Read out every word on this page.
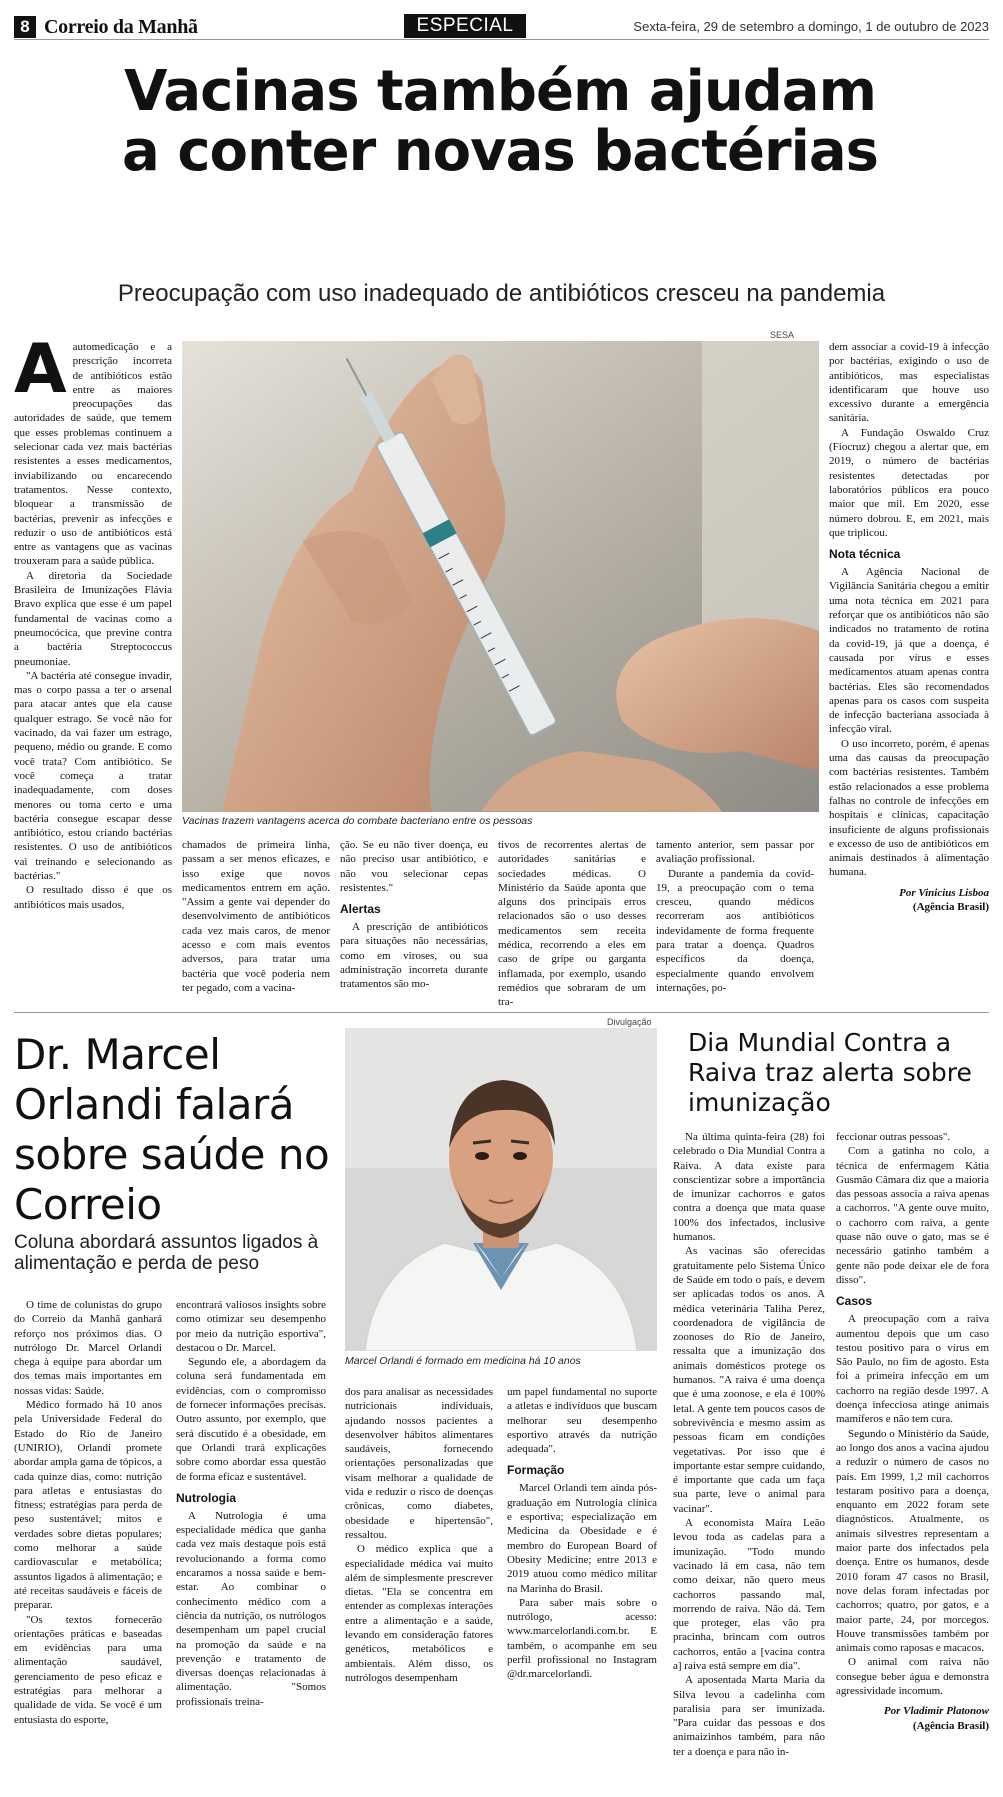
8 Correio da Manhã	ESPECIAL	Sexta-feira, 29 de setembro a domingo, 1 de outubro de 2023
Vacinas também ajudam a conter novas bactérias
Preocupação com uso inadequado de antibióticos cresceu na pandemia
A automedicação e a prescrição incorreta de antibióticos estão entre as maiores preocupações das autoridades de saúde, que temem que esses problemas continuem a selecionar cada vez mais bactérias resistentes a esses medicamentos, inviabilizando ou encarecendo tratamentos. Nesse contexto, bloquear a transmissão de bactérias, prevenir as infecções e reduzir o uso de antibióticos está entre as vantagens que as vacinas trouxeram para a saúde pública.

A diretoria da Sociedade Brasileira de Imunizações Flávia Bravo explica que esse é um papel fundamental de vacinas como a pneumocócica, que previne contra a bactéria Streptococcus pneumoniae.

"A bactéria até consegue invadir, mas o corpo passa a ter o arsenal para atacar antes que ela cause qualquer estrago. Se você não for vacinado, da vai fazer um estrago, pequeno, médio ou grande. E como você trata? Com antibiótico. Se você começa a tratar inadequadamente, com doses menores ou toma certo e uma bactéria consegue escapar desse antibiótico, estou criando bactérias resistentes. O uso de antibióticos vai treinando e selecionando as bactérias."

O resultado disso é que os antibióticos mais usados,

SESA
Vacinas trazem vantagens acerca do combate bacteriano entre os pessoas

chamados de primeira linha, passam a ser menos eficazes, e isso exige que novos medicamentos entrem em ação. "Assim a gente vai depender do desenvolvimento de antibióticos cada vez mais caros, de menor acesso e com mais eventos adversos, para tratar uma bactéria que você poderia nem ter pegado, com a vacina-

ção. Se eu não tiver doença, eu não preciso usar antibiótico, e não vou selecionar cepas resistentes."

Alertas

A prescrição de antibióticos para situações não necessárias, como em viroses, ou sua administração incorreta durante tratamentos são mo-

tivos de recorrentes alertas de autoridades sanitárias e sociedades médicas. O Ministério da Saúde aponta que alguns dos principais erros relacionados são o uso desses medicamentos sem receita médica, recorrendo a eles em caso de gripe ou garganta inflamada, por exemplo, usando remédios que sobraram de um tra-

tamento anterior, sem passar por avaliação profissional.

Durante a pandemia da covid-19, a preocupação com o tema cresceu, quando médicos recorreram aos antibióticos indevidamente de forma frequente para tratar a doença. Quadros específicos da doença, especialmente quando envolvem internações, po-

dem associar a covid-19 à infecção por bactérias, exigindo o uso de antibióticos, mas especialistas identificaram que houve uso excessivo durante a emergência sanitária.

A Fundação Oswaldo Cruz (Fiocruz) chegou a alertar que, em 2019, o número de bactérias resistentes detectadas por laboratórios públicos era pouco maior que mil. Em 2020, esse número dobrou. E, em 2021, mais que triplicou.

Nota técnica

A Agência Nacional de Vigilância Sanitária chegou a emitir uma nota técnica em 2021 para reforçar que os antibióticos não são indicados no tratamento de rotina da covid-19, já que a doença, é causada por vírus e esses medicamentos atuam apenas contra bactérias. Eles são recomendados apenas para os casos com suspeita de infecção bacteriana associada à infecção viral.

O uso incorreto, porém, é apenas uma das causas da preocupação com bactérias resistentes. Também estão relacionados a esse problema falhas no controle de infecções em hospitais e clínicas, capacitação insuficiente de alguns profissionais e excesso de uso de antibióticos em animais destinados à alimentação humana.

Por Vinicius Lisboa
(Agência Brasil)
Dr. Marcel Orlandi falará sobre saúde no Correio
Coluna abordará assuntos ligados à alimentação e perda de peso

O time de colunistas do grupo do Correio da Manhã ganhará reforço nos próximos dias. O nutrólogo Dr. Marcel Orlandi chega à equipe para abordar um dos temas mais importantes em nossas vidas: Saúde.

Médico formado há 10 anos pela Universidade Federal do Estado do Rio de Janeiro (UNIRIO), Orlandi promete abordar ampla gama de tópicos, a cada quinze dias, como: nutrição para atletas e entusiastas do fitness; estratégias para perda de peso sustentável; mitos e verdades sobre dietas populares; como melhorar a saúde cardiovascular e metabólica; assuntos ligados à alimentação; e até receitas saudáveis e fáceis de preparar.

"Os textos fornecerão orientações práticas e baseadas em evidências para uma alimentação saudável, gerenciamento de peso eficaz e estratégias para melhorar a qualidade de vida. Se você é um entusiasta do esporte,

encontrará valiosos insights sobre como otimizar seu desempenho por meio da nutrição esportiva", destacou o Dr. Marcel.

Segundo ele, a abordagem da coluna será fundamentada em evidências, com o compromisso de fornecer informações precisas. Outro assunto, por exemplo, que será discutido é a obesidade, em que Orlandi trará explicações sobre como abordar essa questão de forma eficaz e sustentável.

Nutrologia

A Nutrologia é uma especialidade médica que ganha cada vez mais destaque pois está revolucionando a forma como encaramos a nossa saúde e bem-estar. Ao combinar o conhecimento médico com a ciência da nutrição, os nutrólogos desempenham um papel crucial na promoção da saúde e na prevenção e tratamento de diversas doenças relacionadas à alimentação. "Somos profissionais treina-

Divulgação
Marcel Orlandi é formado em medicina há 10 anos

dos para analisar as necessidades nutricionais individuais, ajudando nossos pacientes a desenvolver hábitos alimentares saudáveis, fornecendo orientações personalizadas que visam melhorar a qualidade de vida e reduzir o risco de doenças crônicas, como diabetes, obesidade e hipertensão", ressaltou.

O médico explica que a especialidade médica vai muito além de simplesmente prescrever dietas. "Ela se concentra em entender as complexas interações entre a alimentação e a saúde, levando em consideração fatores genéticos, metabólicos e ambientais. Além disso, os nutrólogos desempenham

um papel fundamental no suporte a atletas e indivíduos que buscam melhorar seu desempenho esportivo através da nutrição adequada".

Formação

Marcel Orlandi tem ainda pós-graduação em Nutrologia clínica e esportiva; especialização em Medicina da Obesidade e é membro do European Board of Obesity Medicine; entre 2013 e 2019 atuou como médico militar na Marinha do Brasil.

Para saber mais sobre o nutrólogo, acesso: www.marcelorlandi.com.br. E também, o acompanhe em seu perfil profissional no Instagram @dr.marcelorlandi.

Dia Mundial Contra a Raiva traz alerta sobre imunização

Na última quinta-feira (28) foi celebrado o Dia Mundial Contra a Raiva. A data existe para conscientizar sobre a importância de imunizar cachorros e gatos contra a doença que mata quase 100% dos infectados, inclusive humanos.

As vacinas são oferecidas gratuitamente pelo Sistema Único de Saúde em todo o país, e devem ser aplicadas todos os anos. A médica veterinária Taliha Perez, coordenadora de vigilância de zoonoses do Rio de Janeiro, ressalta que a imunização dos animais domésticos protege os humanos. "A raiva é uma doença que é uma zoonose, e ela é 100% letal. A gente tem poucos casos de sobrevivência e mesmo assim as pessoas ficam em condições vegetativas. Por isso que é importante estar sempre cuidando, é importante que cada um faça sua parte, leve o animal para vacinar".

A economista Maíra Leão levou toda as cadelas para a imunização. "Todo mundo vacinado lá em casa, não tem como deixar, não quero meus cachorros passando mal, morrendo de raiva. Não dá. Tem que proteger, elas vão pra pracinha, brincam com outros cachorros, então a [vacina contra a] raiva está sempre em dia".

A aposentada Marta Maria da Silva levou a cadelinha com paralisia para ser imunizada. "Para cuidar das pessoas e dos animaizinhos também, para não ter a doença e para não in-

feccionar outras pessoas".

Com a gatinha no colo, a técnica de enfermagem Kátia Gusmão Câmara diz que a maioria das pessoas associa a raiva apenas a cachorros. "A gente ouve muito, o cachorro com raiva, a gente quase não ouve o gato, mas se é necessário gatinho também a gente não pode deixar ele de fora disso".

Casos

A preocupação com a raiva aumentou depois que um caso testou positivo para o vírus em São Paulo, no fim de agosto. Esta foi a primeira infecção em um cachorro na região desde 1997. A doença infecciosa atinge animais mamíferos e não tem cura.

Segundo o Ministério da Saúde, ao longo dos anos a vacina ajudou a reduzir o número de casos no país. Em 1999, 1,2 mil cachorros testaram positivo para a doença, enquanto em 2022 foram sete diagnósticos. Atualmente, os animais silvestres representam a maior parte dos infectados pela doença. Entre os humanos, desde 2010 foram 47 casos no Brasil, nove delas foram infectadas por cachorros; quatro, por gatos, e a maior parte, 24, por morcegos. Houve transmissões também por animais como raposas e macacos.

O animal com raiva não consegue beber água e demonstra agressividade incomum.

Por Vladimir Platonow
(Agência Brasil)
